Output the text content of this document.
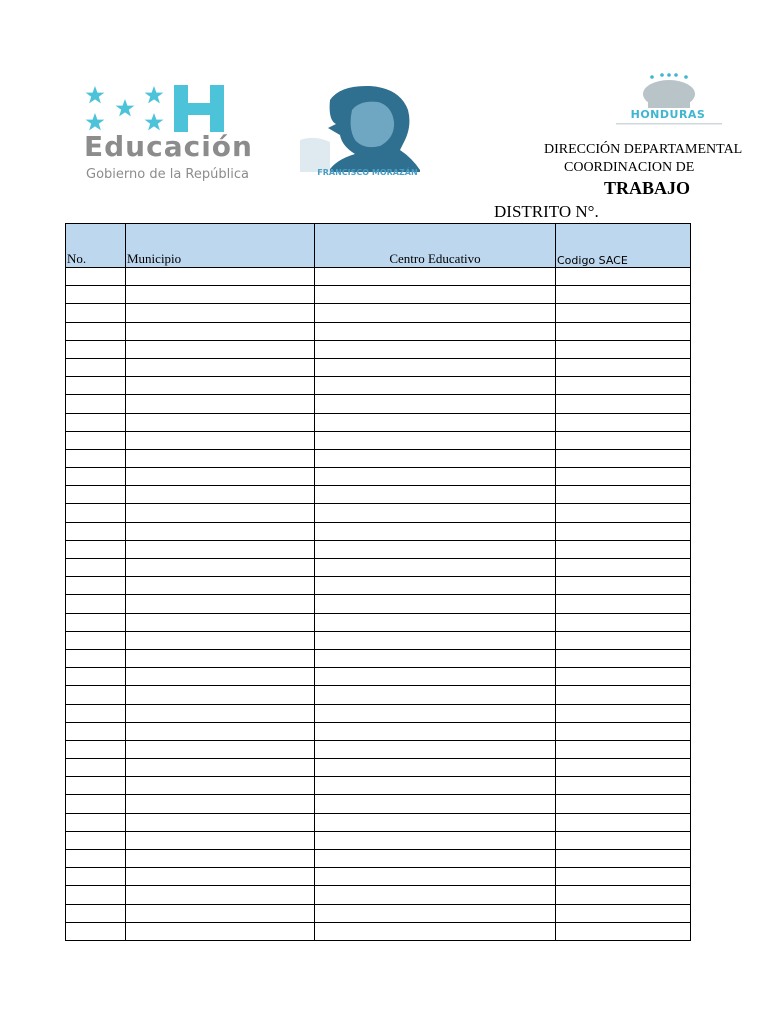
Educación
Gobierno de la República	FRANCISCO MORAZÁN
HONDURAS
DIRECCIÓN DEPARTAMENTAL
COORDINACION DE
TRABAJO
DISTRITO N°.
No.	Municipio	Centro Educativo	Codigo SACE
